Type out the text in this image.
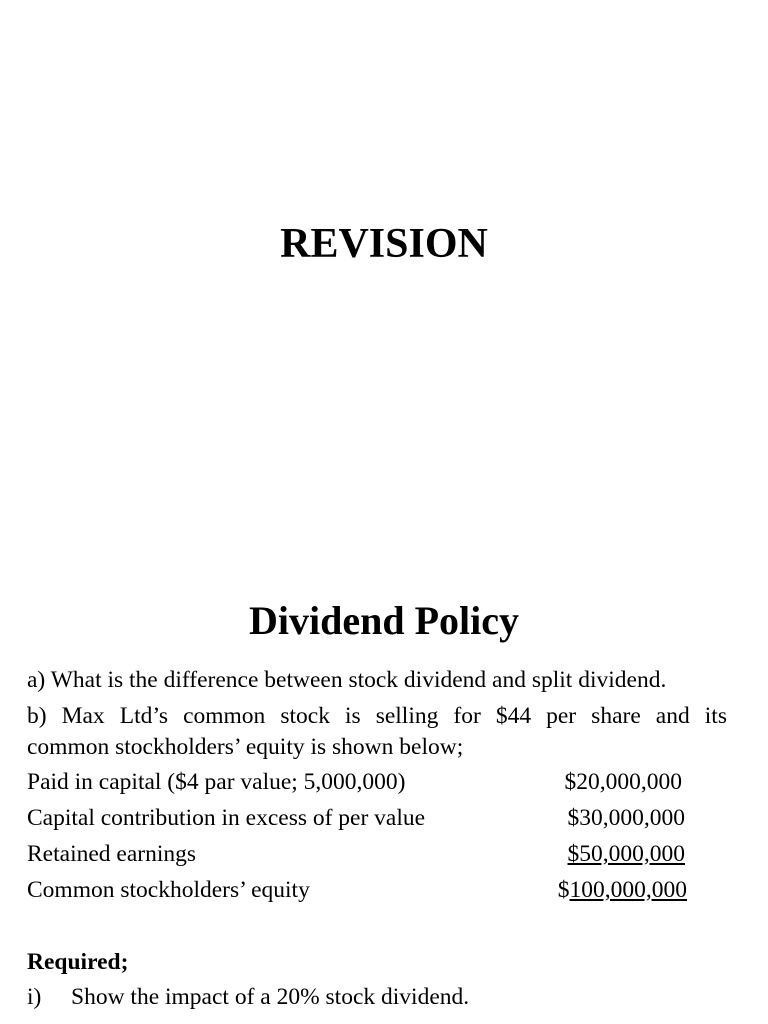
REVISION
Dividend Policy
a) What is the difference between stock dividend and split dividend.
b) Max Ltd’s common stock is selling for $44 per share and its
common stockholders’ equity is shown below;
Paid in capital ($4 par value; 5,000,000)	$20,000,000
Capital contribution in excess of per value	$30,000,000
Retained earnings	$50,000,000
Common stockholders’ equity	$100,000,000
Required;
i) Show the impact of a 20% stock dividend.
